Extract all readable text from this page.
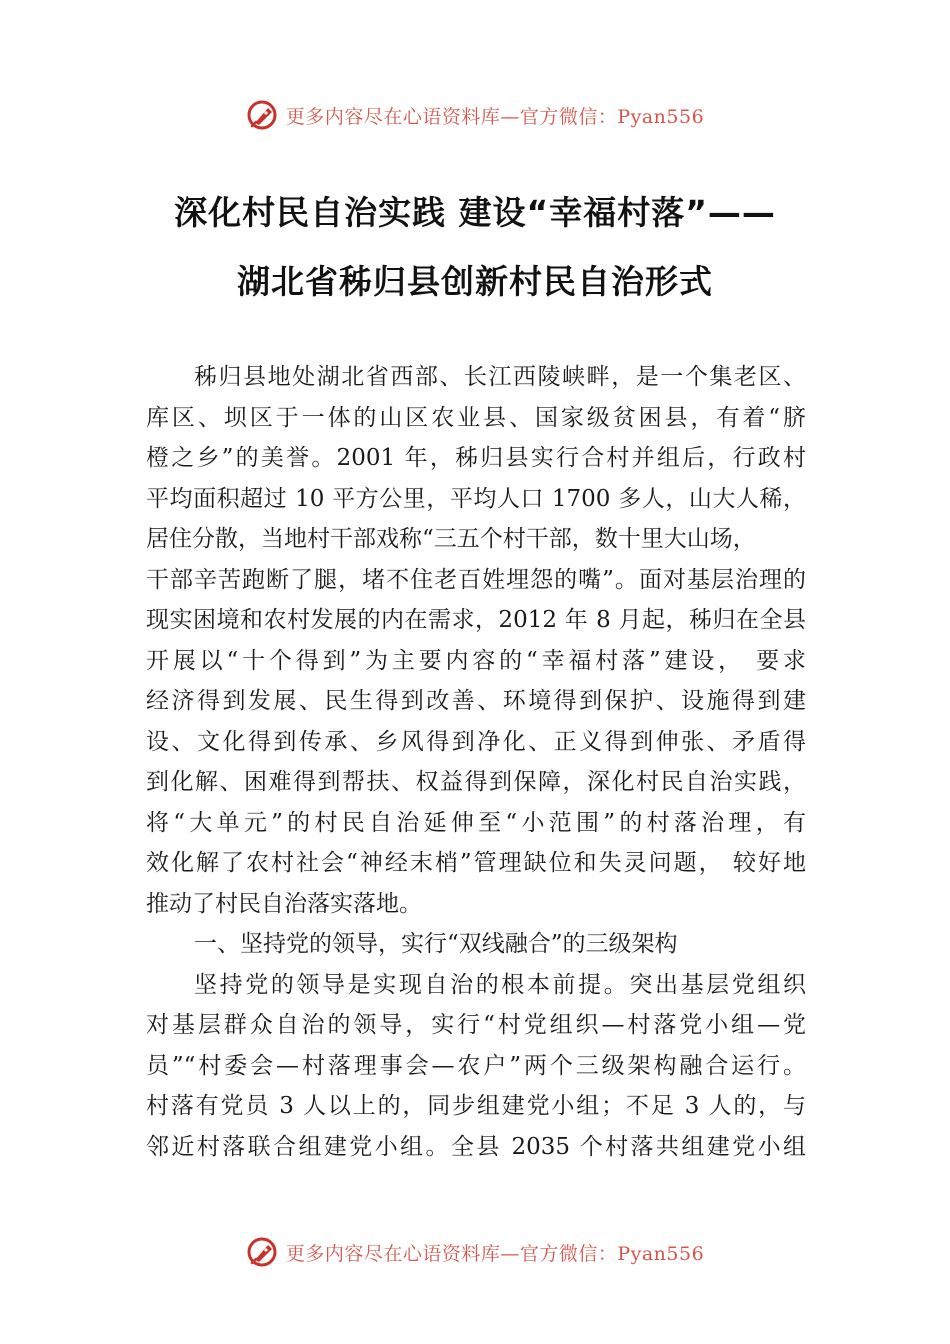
更多内容尽在心语资料库—官方微信：Pyan556
深化村民自治实践 建设“幸福村落”——
湖北省秭归县创新村民自治形式
秭归县地处湖北省西部、长江西陵峡畔，是一个集老区、
库区、坝区于一体的山区农业县、国家级贫困县，有着“脐
橙之乡”的美誉。2001 年，秭归县实行合村并组后，行政村
平均面积超过 10 平方公里，平均人口 1700 多人，山大人稀，
居住分散，当地村干部戏称“三五个村干部，数十里大山场，
干部辛苦跑断了腿，堵不住老百姓埋怨的嘴”。面对基层治理的
现实困境和农村发展的内在需求，2012 年 8 月起，秭归在全县
开展以“十个得到”为主要内容的“幸福村落”建设， 要求
经济得到发展、民生得到改善、环境得到保护、设施得到建
设、文化得到传承、乡风得到净化、正义得到伸张、矛盾得
到化解、困难得到帮扶、权益得到保障，深化村民自治实践，
将“大单元”的村民自治延伸至“小范围”的村落治理，有
效化解了农村社会“神经末梢”管理缺位和失灵问题， 较好地
推动了村民自治落实落地。
一、坚持党的领导，实行“双线融合”的三级架构
坚持党的领导是实现自治的根本前提。突出基层党组织
对基层群众自治的领导，实行“村党组织—村落党小组—党
员”“村委会—村落理事会—农户”两个三级架构融合运行。
村落有党员 3 人以上的，同步组建党小组；不足 3 人的，与
邻近村落联合组建党小组。全县 2035 个村落共组建党小组
更多内容尽在心语资料库—官方微信：Pyan556
